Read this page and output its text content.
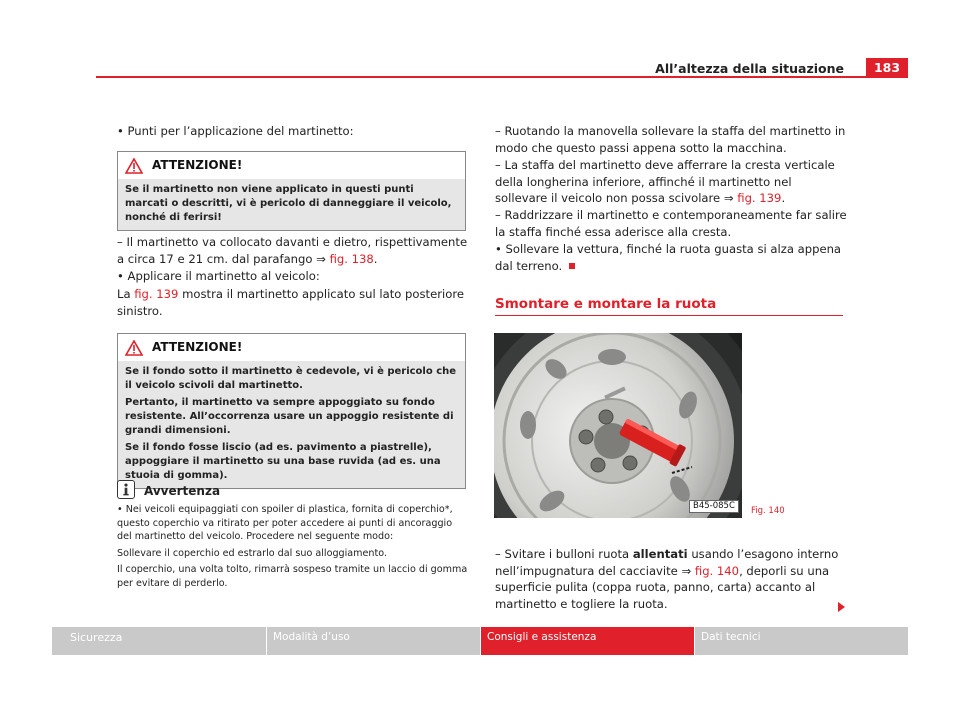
All’altezza della situazione	183
• Punti per l’applicazione del martinetto:
ATTENZIONE!

Se il martinetto non viene applicato in questi punti marcati o descritti, vi è pericolo di danneggiare il veicolo, nonché di ferirsi!

– Il martinetto va collocato davanti e dietro, rispettivamente a circa 17 e 21 cm. dal parafango ⇒ fig. 138.
• Applicare il martinetto al veicolo:
La fig. 139 mostra il martinetto applicato sul lato posteriore sinistro.
ATTENZIONE!

Se il fondo sotto il martinetto è cedevole, vi è pericolo che il veicolo scivoli dal martinetto.

Pertanto, il martinetto va sempre appoggiato su fondo resistente. All’occorrenza usare un appoggio resistente di grandi dimensioni.

Se il fondo fosse liscio (ad es. pavimento a piastrelle), appoggiare il martinetto su una base ruvida (ad es. una stuoia di gomma).

Avvertenza

• Nei veicoli equipaggiati con spoiler di plastica, fornita di coperchio*, questo coperchio va ritirato per poter accedere ai punti di ancoraggio del martinetto del veicolo. Procedere nel seguente modo:

Sollevare il coperchio ed estrarlo dal suo alloggiamento.

Il coperchio, una volta tolto, rimarrà sospeso tramite un laccio di gomma per evitare di perderlo.

– Ruotando la manovella sollevare la staffa del martinetto in modo che questo passi appena sotto la macchina.
– La staffa del martinetto deve afferrare la cresta verticale della longherina inferiore, affinché il martinetto nel sollevare il veicolo non possa scivolare ⇒ fig. 139.
– Raddrizzare il martinetto e contemporaneamente far salire la staffa finché essa aderisce alla cresta.
• Sollevare la vettura, finché la ruota guasta si alza appena dal terreno.
Smontare e montare la ruota
B45-085C	Fig. 140
– Svitare i bulloni ruota allentati usando l’esagono interno nell’impugnatura del cacciavite ⇒ fig. 140, deporli su una superficie pulita (coppa ruota, panno, carta) accanto al martinetto e togliere la ruota.
Sicurezza	Modalità d’uso	Consigli e assistenza	Dati tecnici
